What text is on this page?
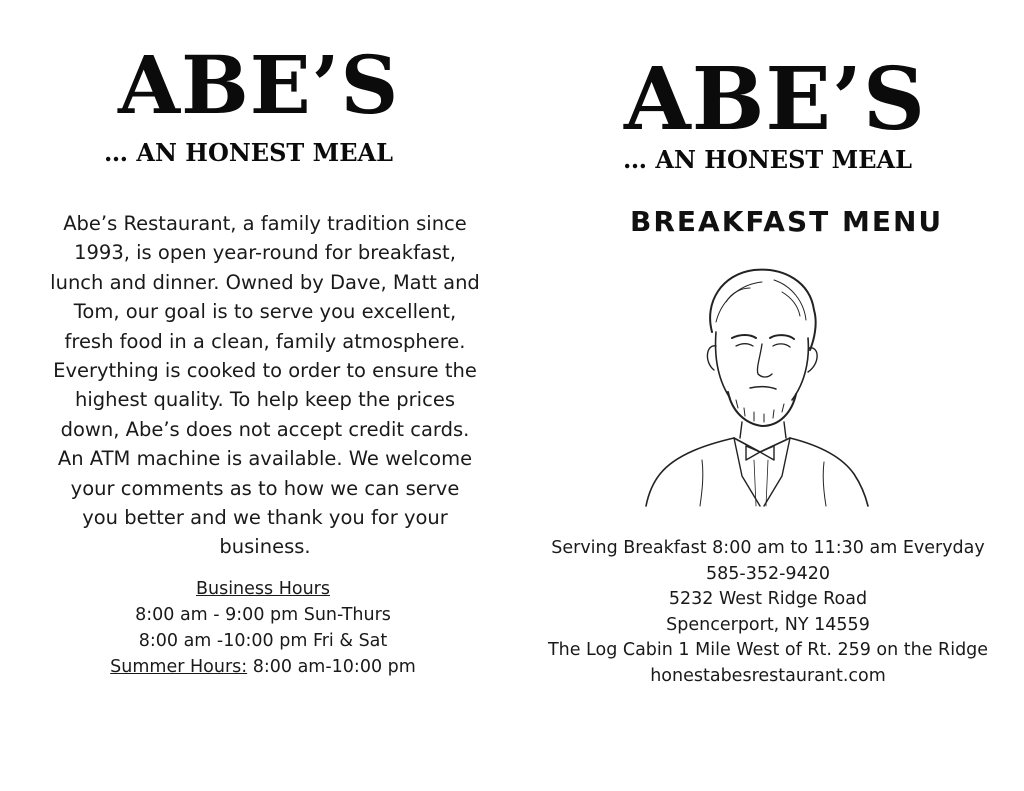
ABE’S
… AN HONEST MEAL

Abe’s Restaurant, a family tradition since 1993, is open year-round for breakfast, lunch and dinner. Owned by Dave, Matt and Tom, our goal is to serve you excellent, fresh food in a clean, family atmosphere. Everything is cooked to order to ensure the highest quality. To help keep the prices down, Abe’s does not accept credit cards. An ATM machine is available. We welcome your comments as to how we can serve you better and we thank you for your business.

Business Hours
8:00 am - 9:00 pm Sun-Thurs
8:00 am -10:00 pm Fri & Sat
Summer Hours: 8:00 am-10:00 pm
ABE’S
… AN HONEST MEAL
BREAKFAST MENU
Serving Breakfast 8:00 am to 11:30 am Everyday
585-352-9420
5232 West Ridge Road
Spencerport, NY 14559
The Log Cabin 1 Mile West of Rt. 259 on the Ridge
honestabesrestaurant.com
